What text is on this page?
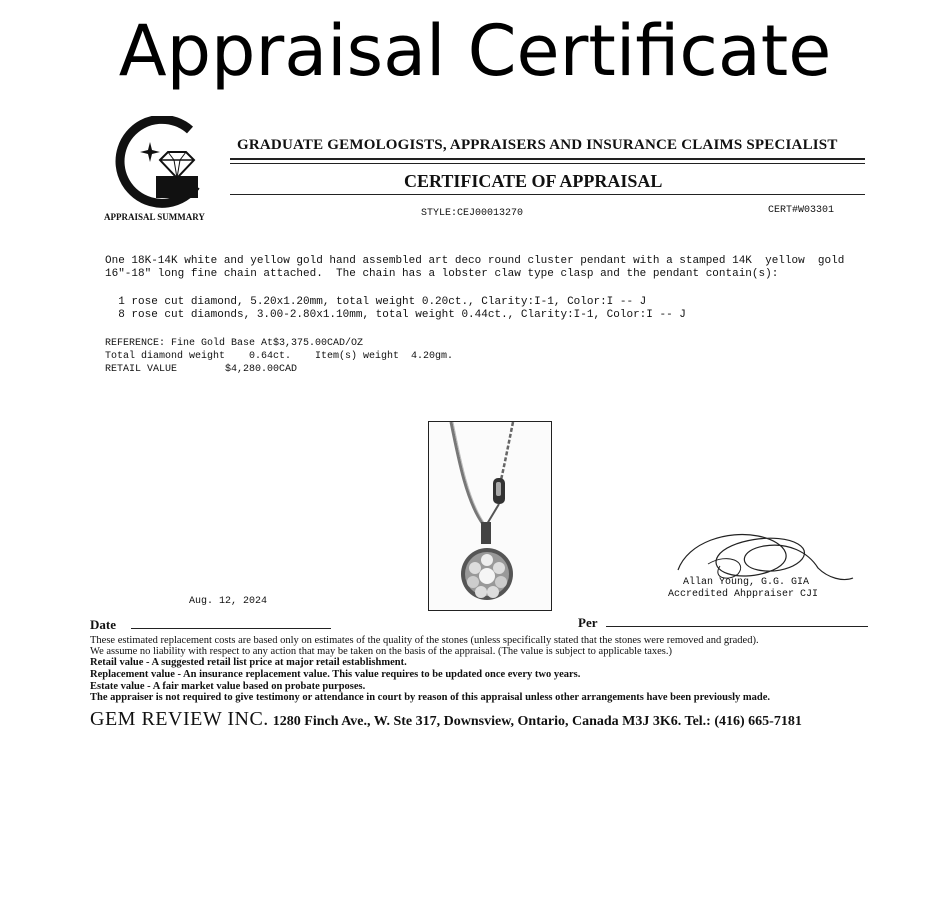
Appraisal Certificate
APPRAISAL SUMMARY
GRADUATE GEMOLOGISTS, APPRAISERS AND INSURANCE CLAIMS SPECIALIST
CERTIFICATE OF APPRAISAL
STYLE:CEJ00013270	CERT#W03301
One 18K-14K white and yellow gold hand assembled art deco round cluster pendant with a stamped 14K  yellow  gold
16"-18" long fine chain attached.  The chain has a lobster claw type clasp and the pendant contain(s):
1 rose cut diamond, 5.20x1.20mm, total weight 0.20ct., Clarity:I-1, Color:I -- J
8 rose cut diamonds, 3.00-2.80x1.10mm, total weight 0.44ct., Clarity:I-1, Color:I -- J
REFERENCE: Fine Gold Base At$3,375.00CAD/OZ
Total diamond weight    0.64ct.    Item(s) weight  4.20gm.
RETAIL VALUE        $4,280.00CAD
Allan Young, G.G. GIA
Accredited Ahppraiser CJI
Aug. 12, 2024
Date	Per
These estimated replacement costs are based only on estimates of the quality of the stones (unless specifically stated that the stones were removed and graded).
We assume no liability with respect to any action that may be taken on the basis of the appraisal. (The value is subject to applicable taxes.)
Retail value - A suggested retail list price at major retail establishment.
Replacement value - An insurance replacement value. This value requires to be updated once every two years.
Estate value - A fair market value based on probate purposes.
The appraiser is not required to give testimony or attendance in court by reason of this appraisal unless other arrangements have been previously made.
GEM REVIEW INC. 1280 Finch Ave., W. Ste 317, Downsview, Ontario, Canada M3J 3K6. Tel.: (416) 665-7181
